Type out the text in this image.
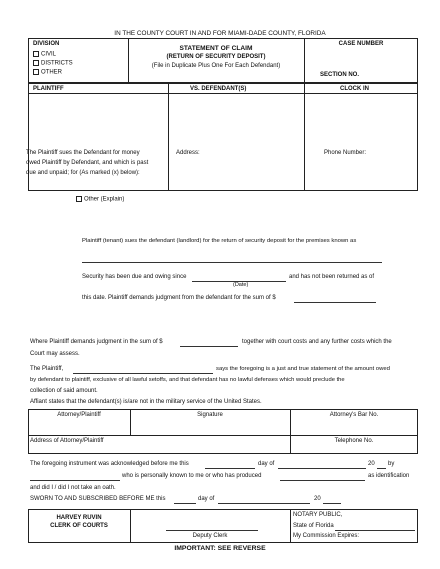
IN THE COUNTY COURT IN AND FOR MIAMI-DADE COUNTY, FLORIDA
DIVISION
CIVIL
DISTRICTS
OTHER
STATEMENT OF CLAIM
(RETURN OF SECURITY DEPOSIT)
(File in Duplicate Plus One For Each Defendant)
CASE NUMBER
SECTION NO.
PLAINTIFF	VS. DEFENDANT(S)	CLOCK IN
The Plaintiff sues the Defendant for money
owed Plaintiff by Defendant, and which is past
due and unpaid; for (As marked (x) below):
Address:	Phone Number:
Other (Explain)
Plaintiff (tenant) sues the defendant (landlord) for the return of security deposit for the premises known as
Security has been due and owing since	and has not been returned as of
(Date)
this date. Plaintiff demands judgment from the defendant for the sum of $
Where Plaintiff demands judgment in the sum of $	together with court costs and any further costs which the
Court may assess.
The Plaintiff,	says the foregoing is a just and true statement of the amount owed
by defendant to plaintiff, exclusive of all lawful setoffs, and that defendant has no lawful defenses which would preclude the
collection of said amount.
Affiant states that the defendant(s) is/are not in the military service of the United States.
Attorney/Plaintiff	Signature	Attorney's Bar No.
Address of Attorney/Plaintiff	Telephone No.
The foregoing instrument was acknowledged before me this	day of	20 by
who is personally known to me or who has produced	as identification
and did I / did I not take an oath.
SWORN TO AND SUBSCRIBED BEFORE ME this	day of	20
HARVEY RUVIN
CLERK OF COURTS
Deputy Clerk
NOTARY PUBLIC,
State of Florida
My Commission Expires:
IMPORTANT: SEE REVERSE
